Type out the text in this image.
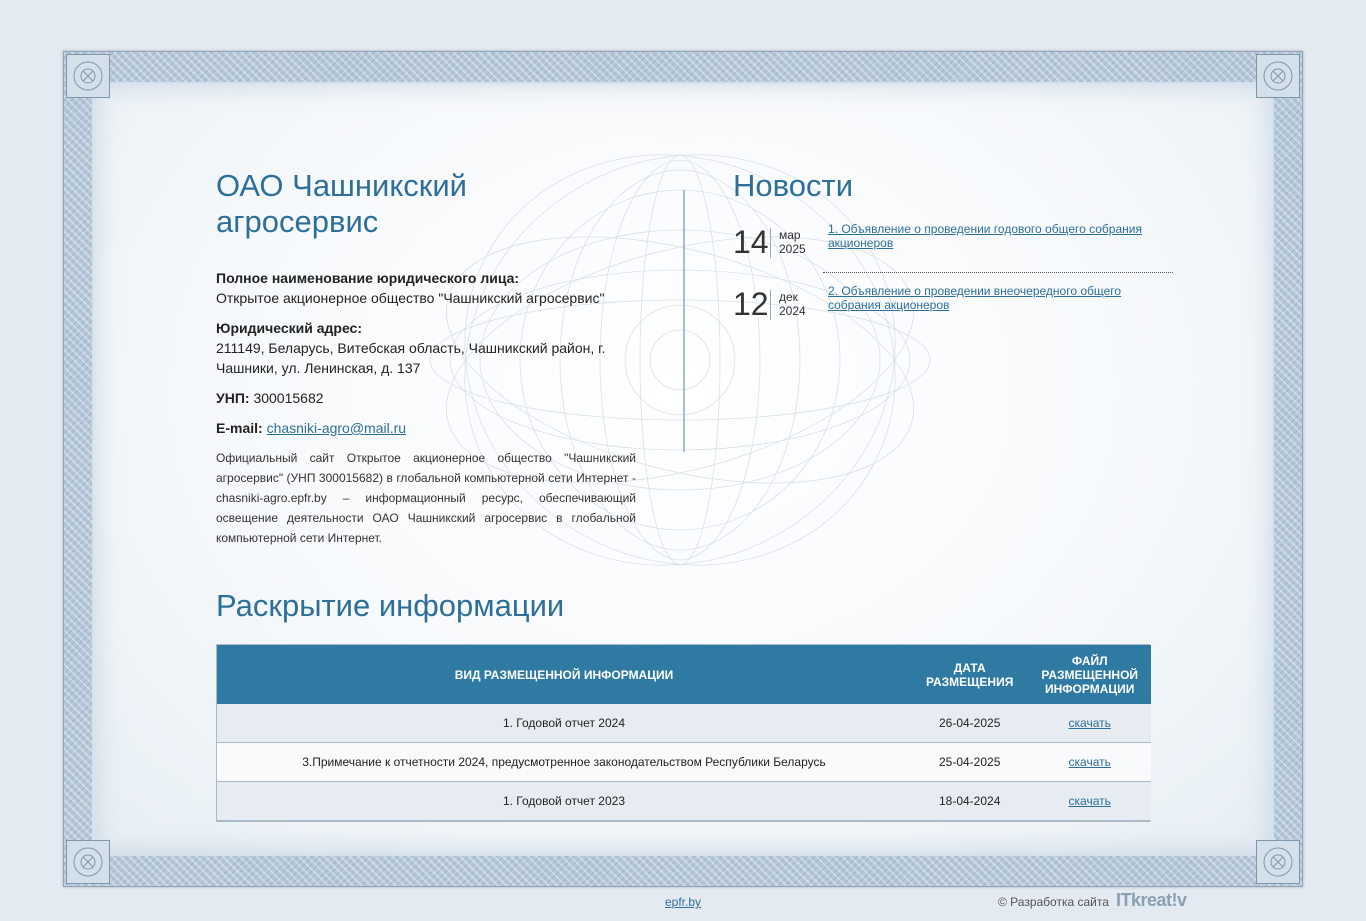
ОАО Чашникский агросервис
Полное наименование юридического лица:
Открытое акционерное общество "Чашникский агросервис"
Юридический адрес:
211149, Беларусь, Витебская область, Чашникский район, г. Чашники, ул. Ленинская, д. 137
УНП: 300015682
E-mail: chasniki-agro@mail.ru
Официальный сайт Открытое акционерное общество "Чашникский агросервис" (УНП 300015682) в глобальной компьютерной сети Интернет - chasniki-agro.epfr.by – информационный ресурс, обеспечивающий освещение деятельности ОАО Чашникский агросервис в глобальной компьютерной сети Интернет.
Новости
14 мар
2025
1. Объявление о проведении годового общего собрания акционеров
12 дек
2024
2. Объявление о проведении внеочередного общего собрания акционеров
Раскрытие информации
ВИД РАЗМЕЩЕННОЙ ИНФОРМАЦИИ	ДАТА РАЗМЕЩЕНИЯ	ФАЙЛ РАЗМЕЩЕННОЙ ИНФОРМАЦИИ
1. Годовой отчет 2024	26-04-2025	скачать
3.Примечание к отчетности 2024, предусмотренное законодательством Республики Беларусь	25-04-2025	скачать
1. Годовой отчет 2023	18-04-2024	скачать
epfr.by	© Разработка сайта ITkreat!v
